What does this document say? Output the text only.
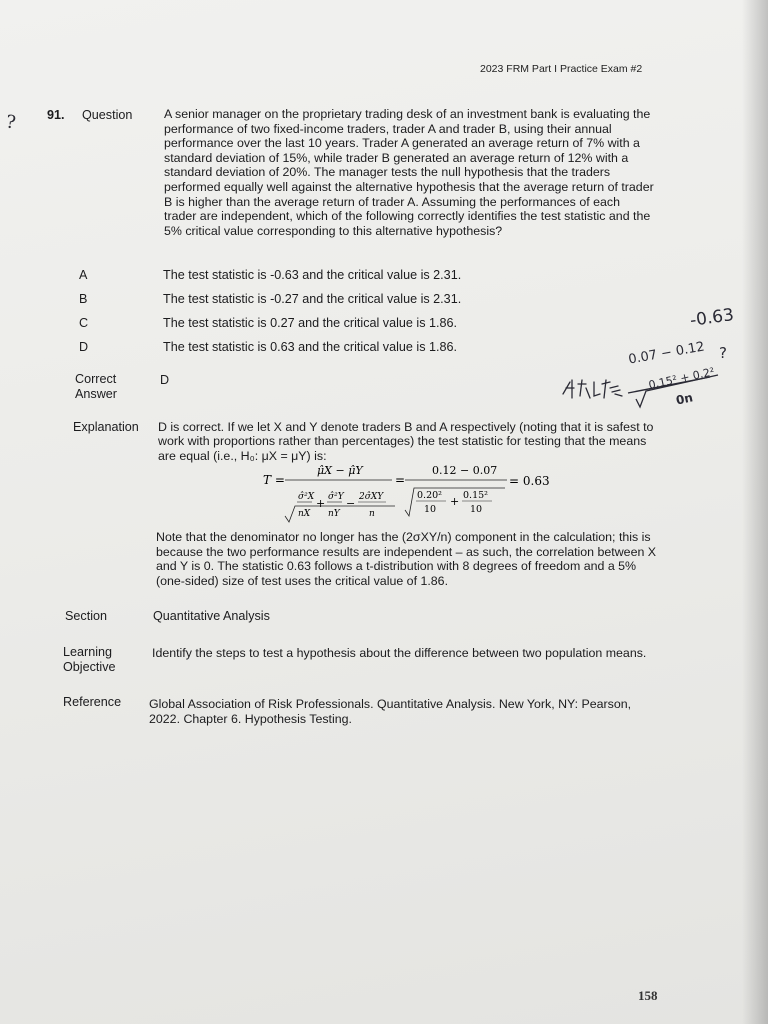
2023 FRM Part I Practice Exam #2
? 91. Question	A senior manager on the proprietary trading desk of an investment bank is evaluating the performance of two fixed-income traders, trader A and trader B, using their annual performance over the last 10 years. Trader A generated an average return of 7% with a standard deviation of 15%, while trader B generated an average return of 12% with a standard deviation of 20%. The manager tests the null hypothesis that the traders performed equally well against the alternative hypothesis that the average return of trader B is higher than the average return of trader A. Assuming the performances of each trader are independent, which of the following correctly identifies the test statistic and the 5% critical value corresponding to this alternative hypothesis?
A	The test statistic is -0.63 and the critical value is 2.31.
B	The test statistic is -0.27 and the critical value is 2.31.
C	The test statistic is 0.27 and the critical value is 1.86.
D	The test statistic is 0.63 and the critical value is 1.86.
Correct
Answer
D
Explanation D is correct. If we let X and Y denote traders B and A respectively (noting that it is safest to work with proportions rather than percentages) the test statistic for testing that the means are equal (i.e., H₀: μX = μY) is:
T =
μ̂X − μ̂Y
σ̂²X
nX
+ σ̂²Y
nY
− 2σ̂XY
n
=
0.12 − 0.07
0.20²
10
+ 0.15²
10
= 0.63
Note that the denominator no longer has the (2σXY/n) component in the calculation; this is because the two performance results are independent – as such, the correlation between X and Y is 0. The statistic 0.63 follows a t-distribution with 8 degrees of freedom and a 5% (one-sided) size of test uses the critical value of 1.86.
Section	Quantitative Analysis
Learning
Objective
Identify the steps to test a hypothesis about the difference between two population means.
Reference Global Association of Risk Professionals. Quantitative Analysis. New York, NY: Pearson, 2022. Chapter 6. Hypothesis Testing.
-0.63
0.07 − 0.12 ?
0.15² + 0.2²
0n
158
